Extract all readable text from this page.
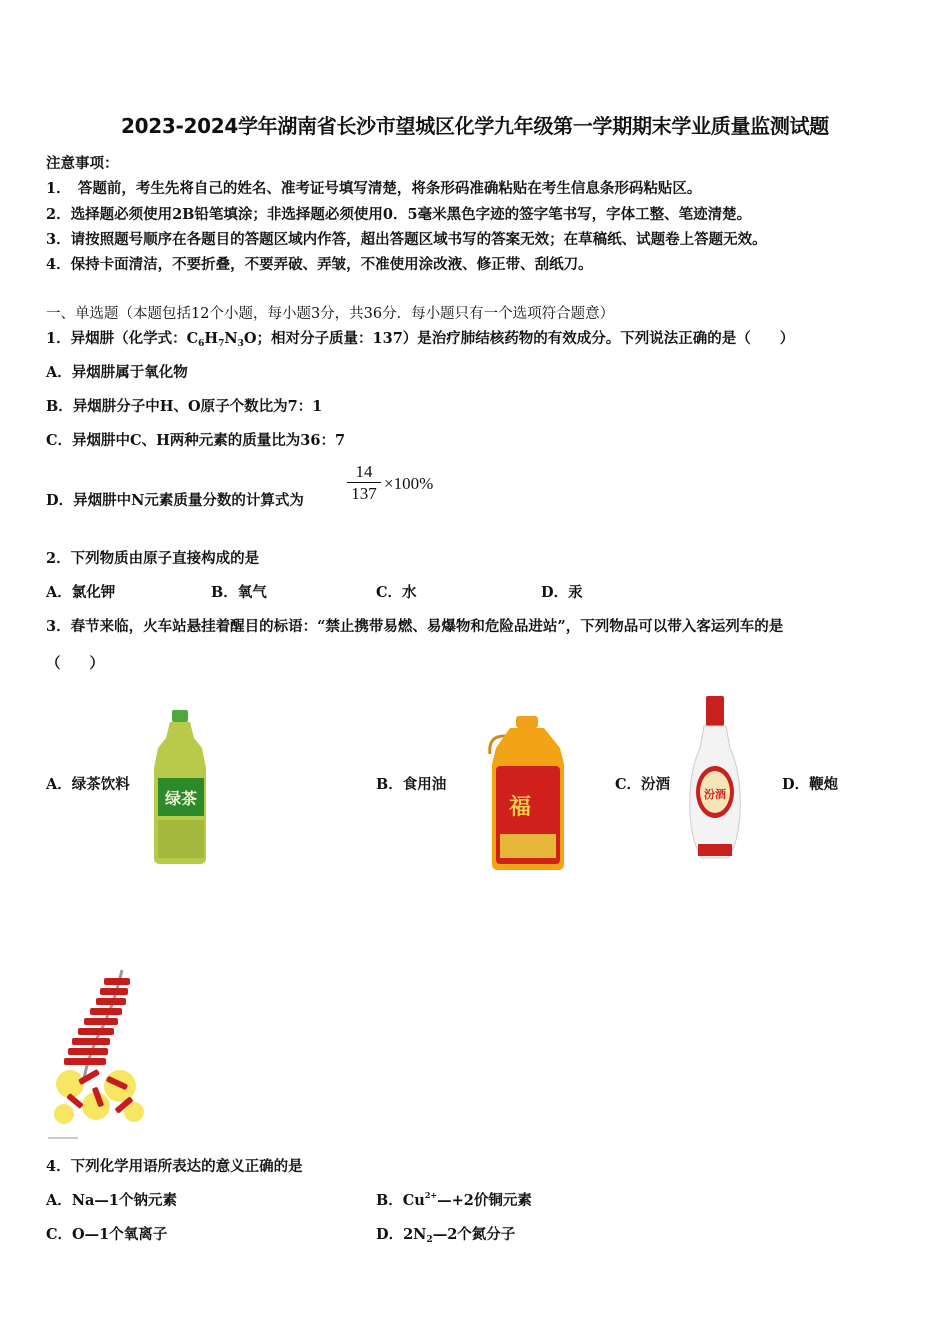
2023-2024学年湖南省长沙市望城区化学九年级第一学期期末学业质量监测试题
注意事项：
1．　答题前，考生先将自己的姓名、准考证号填写清楚，将条形码准确粘贴在考生信息条形码粘贴区。
2．选择题必须使用2B铅笔填涂；非选择题必须使用0．5毫米黑色字迹的签字笔书写，字体工整、笔迹清楚。
3．请按照题号顺序在各题目的答题区域内作答，超出答题区域书写的答案无效；在草稿纸、试题卷上答题无效。
4．保持卡面清洁，不要折叠，不要弄破、弄皱，不准使用涂改液、修正带、刮纸刀。
一、单选题（本题包括12个小题，每小题3分，共36分．每小题只有一个选项符合题意）
1．异烟肼（化学式：$C_6H_7N_3O$；相对分子质量：137）是治疗肺结核药物的有效成分。下列说法正确的是（　　）
A．异烟肼属于氧化物
B．异烟肼分子中H、O原子个数比为7：1
C．异烟肼中C、H两种元素的质量比为36：7
D．异烟肼中N元素质量分数的计算式为	$\frac{14}{137} \times 100\%$
2．下列物质由原子直接构成的是
A．氯化钾	B．氧气	C．水	D．汞
3．春节来临，火车站悬挂着醒目的标语：“禁止携带易燃、易爆物和危险品进站”，下列物品可以带入客运列车的是
（　　）
A．绿茶饮料	B．食用油	C．汾酒	D．鞭炮
绿茶	福
汾酒
4．下列化学用语所表达的意义正确的是
A．Na—1个钠元素	B．$Cu^{2+}—+2$价铜元素
C．O—1个氧离子	D．$2N_2—2$个氮分子
